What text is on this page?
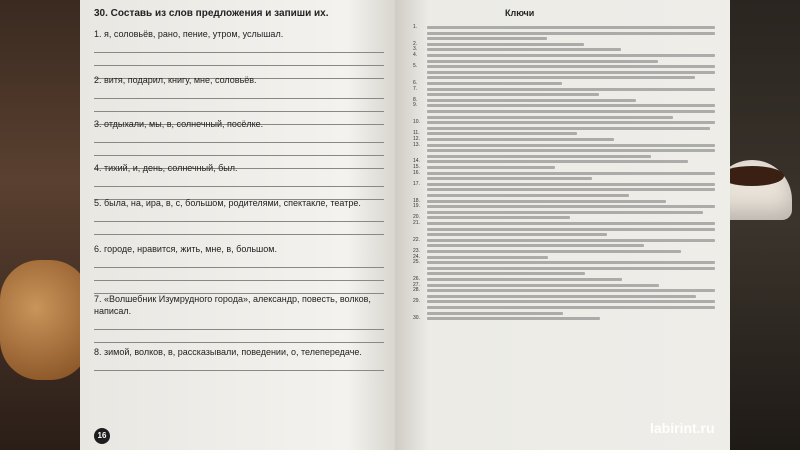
30. Составь из слов предложения и запиши их.
1. я, соловьёв, рано, пение, утром, услышал.
2. витя, подарил, книгу, мне, соловьёв.
3. отдыхали, мы, в, солнечный, посёлке.
4. тихий, и, день, солнечный, был.
5. была, на, ира, в, с, большом, родителями, спектакле, театре.
6. городе, нравится, жить, мне, в, большом.
7. «Волшебник Изумрудного города», александр, повесть, волков, написал.
8. зимой, волков, в, рассказывали, поведении, о, телепередаче.
16
Ключи
1.
2.
3.
4.
5.
6.
7.
8.
9.
10.
11.
12.
13.
14.
15.
16.
17.
18.
19.
20.
21.
22.
23.
24.
25.
26.
27.
28.
29.
30.
labirint.ru
